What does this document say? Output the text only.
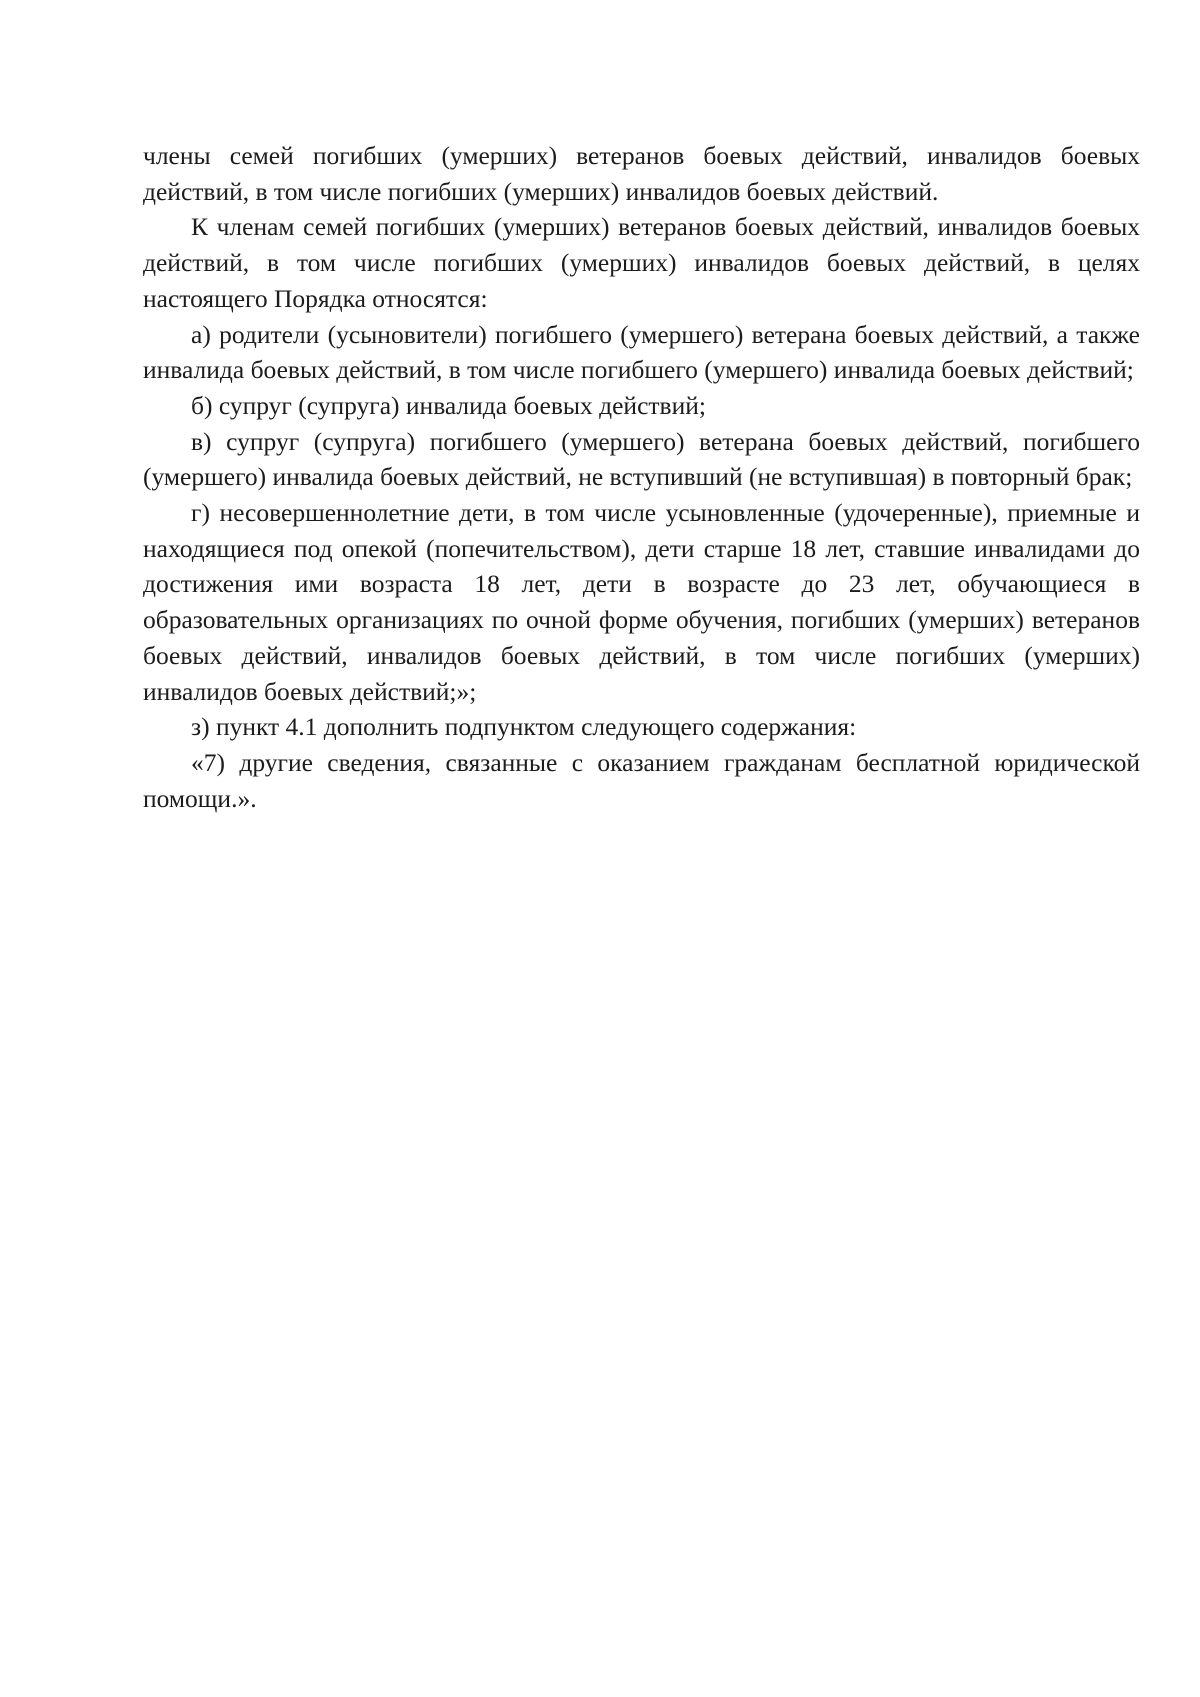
члены семей погибших (умерших) ветеранов боевых действий, инвалидов боевых действий, в том числе погибших (умерших) инвалидов боевых действий.

К членам семей погибших (умерших) ветеранов боевых действий, инвалидов боевых действий, в том числе погибших (умерших) инвалидов боевых действий, в целях настоящего Порядка относятся:

а) родители (усыновители) погибшего (умершего) ветерана боевых действий, а также инвалида боевых действий, в том числе погибшего (умершего) инвалида боевых действий;

б) супруг (супруга) инвалида боевых действий;

в) супруг (супруга) погибшего (умершего) ветерана боевых действий, погибшего (умершего) инвалида боевых действий, не вступивший (не вступившая) в повторный брак;

г) несовершеннолетние дети, в том числе усыновленные (удочеренные), приемные и находящиеся под опекой (попечительством), дети старше 18 лет, ставшие инвалидами до достижения ими возраста 18 лет, дети в возрасте до 23 лет, обучающиеся в образовательных организациях по очной форме обучения, погибших (умерших) ветеранов боевых действий, инвалидов боевых действий, в том числе погибших (умерших) инвалидов боевых действий;»;

з) пункт 4.1 дополнить подпунктом следующего содержания:

«7) другие сведения, связанные с оказанием гражданам бесплатной юридической помощи.».
